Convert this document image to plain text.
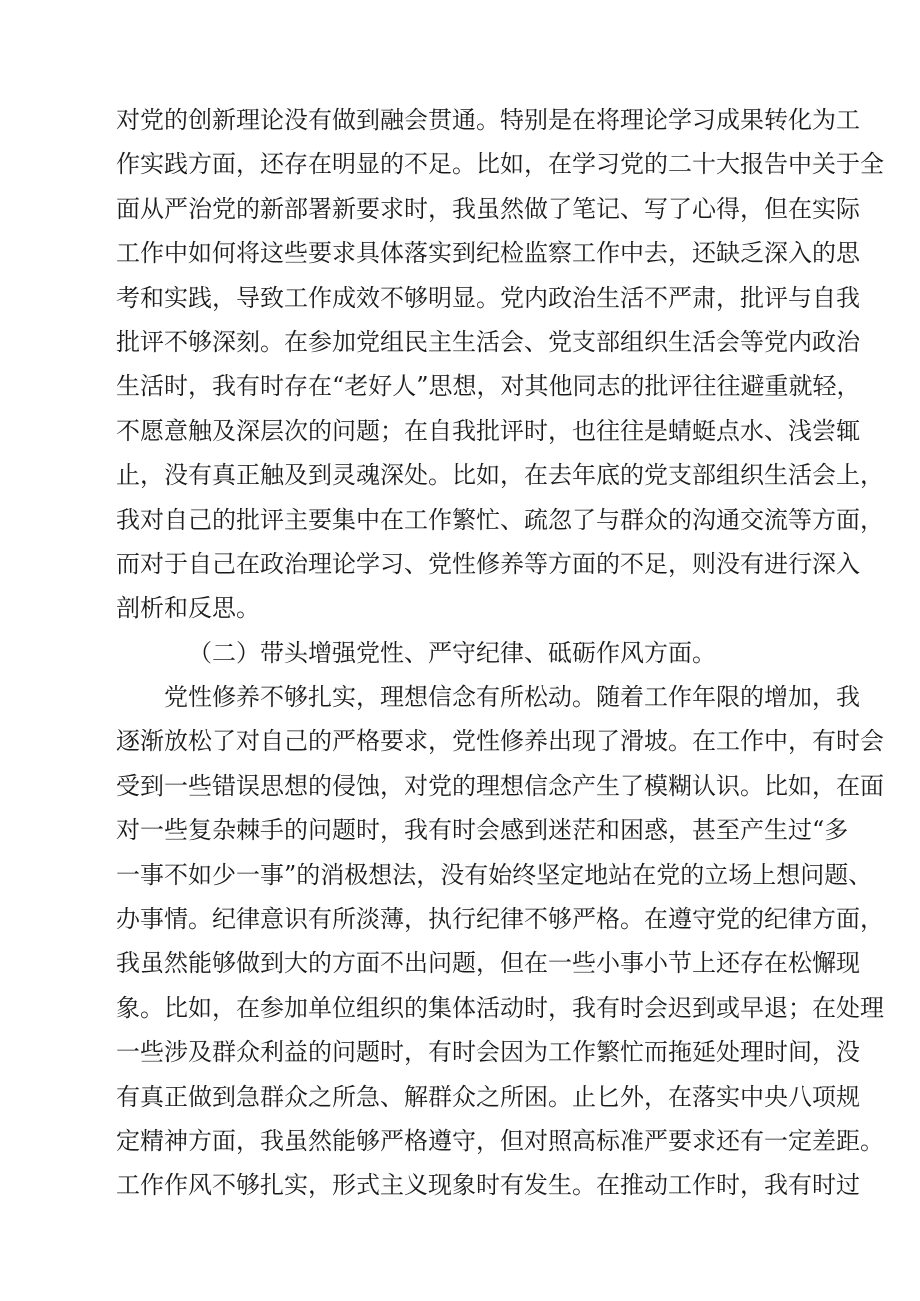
对党的创新理论没有做到融会贯通。特别是在将理论学习成果转化为工
作实践方面，还存在明显的不足。比如，在学习党的二十大报告中关于全
面从严治党的新部署新要求时，我虽然做了笔记、写了心得，但在实际
工作中如何将这些要求具体落实到纪检监察工作中去，还缺乏深入的思
考和实践，导致工作成效不够明显。党内政治生活不严肃，批评与自我
批评不够深刻。在参加党组民主生活会、党支部组织生活会等党内政治
生活时，我有时存在“老好人”思想，对其他同志的批评往往避重就轻，
不愿意触及深层次的问题；在自我批评时，也往往是蜻蜓点水、浅尝辄
止，没有真正触及到灵魂深处。比如，在去年底的党支部组织生活会上，
我对自己的批评主要集中在工作繁忙、疏忽了与群众的沟通交流等方面，
而对于自己在政治理论学习、党性修养等方面的不足，则没有进行深入
剖析和反思。
（二）带头增强党性、严守纪律、砥砺作风方面。
党性修养不够扎实，理想信念有所松动。随着工作年限的增加，我
逐渐放松了对自己的严格要求，党性修养出现了滑坡。在工作中，有时会
受到一些错误思想的侵蚀，对党的理想信念产生了模糊认识。比如，在面
对一些复杂棘手的问题时，我有时会感到迷茫和困惑，甚至产生过“多
一事不如少一事”的消极想法，没有始终坚定地站在党的立场上想问题、
办事情。纪律意识有所淡薄，执行纪律不够严格。在遵守党的纪律方面，
我虽然能够做到大的方面不出问题，但在一些小事小节上还存在松懈现
象。比如，在参加单位组织的集体活动时，我有时会迟到或早退；在处理
一些涉及群众利益的问题时，有时会因为工作繁忙而拖延处理时间，没
有真正做到急群众之所急、解群众之所困。止匕外，在落实中央八项规
定精神方面，我虽然能够严格遵守，但对照高标准严要求还有一定差距。
工作作风不够扎实，形式主义现象时有发生。在推动工作时，我有时过
